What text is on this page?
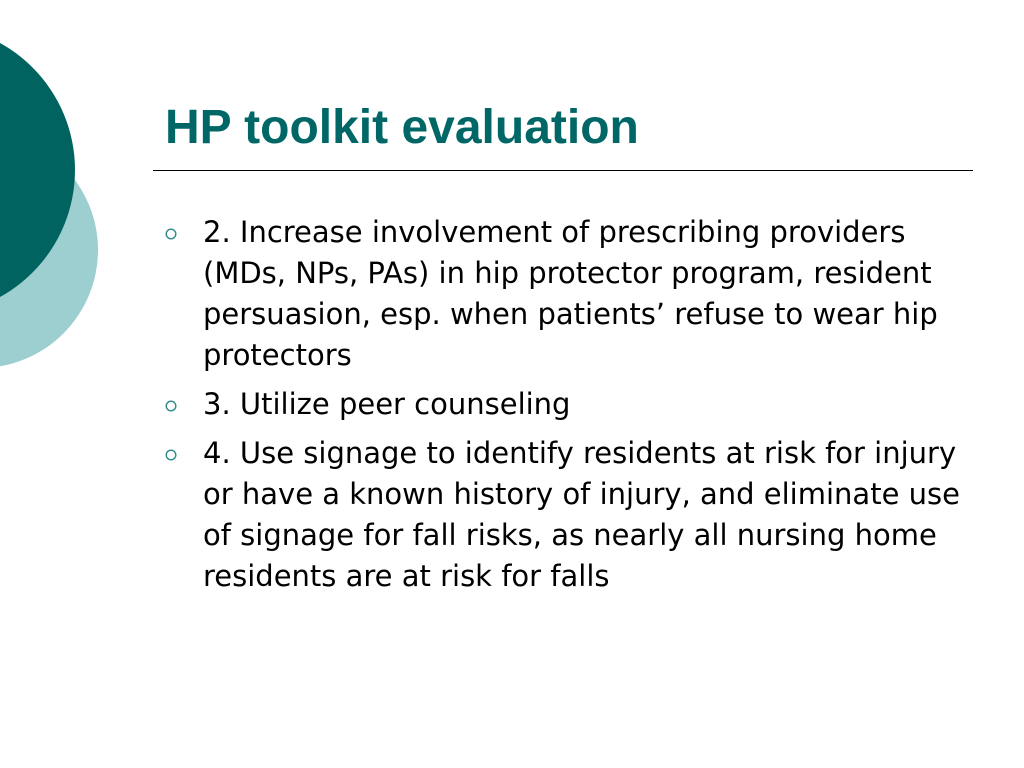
HP toolkit evaluation
2. Increase involvement of prescribing providers (MDs, NPs, PAs) in hip protector program, resident persuasion, esp. when patients’ refuse to wear hip protectors
3. Utilize peer counseling
4. Use signage to identify residents at risk for injury or have a known history of injury, and eliminate use of signage for fall risks, as nearly all nursing home residents are at risk for falls
